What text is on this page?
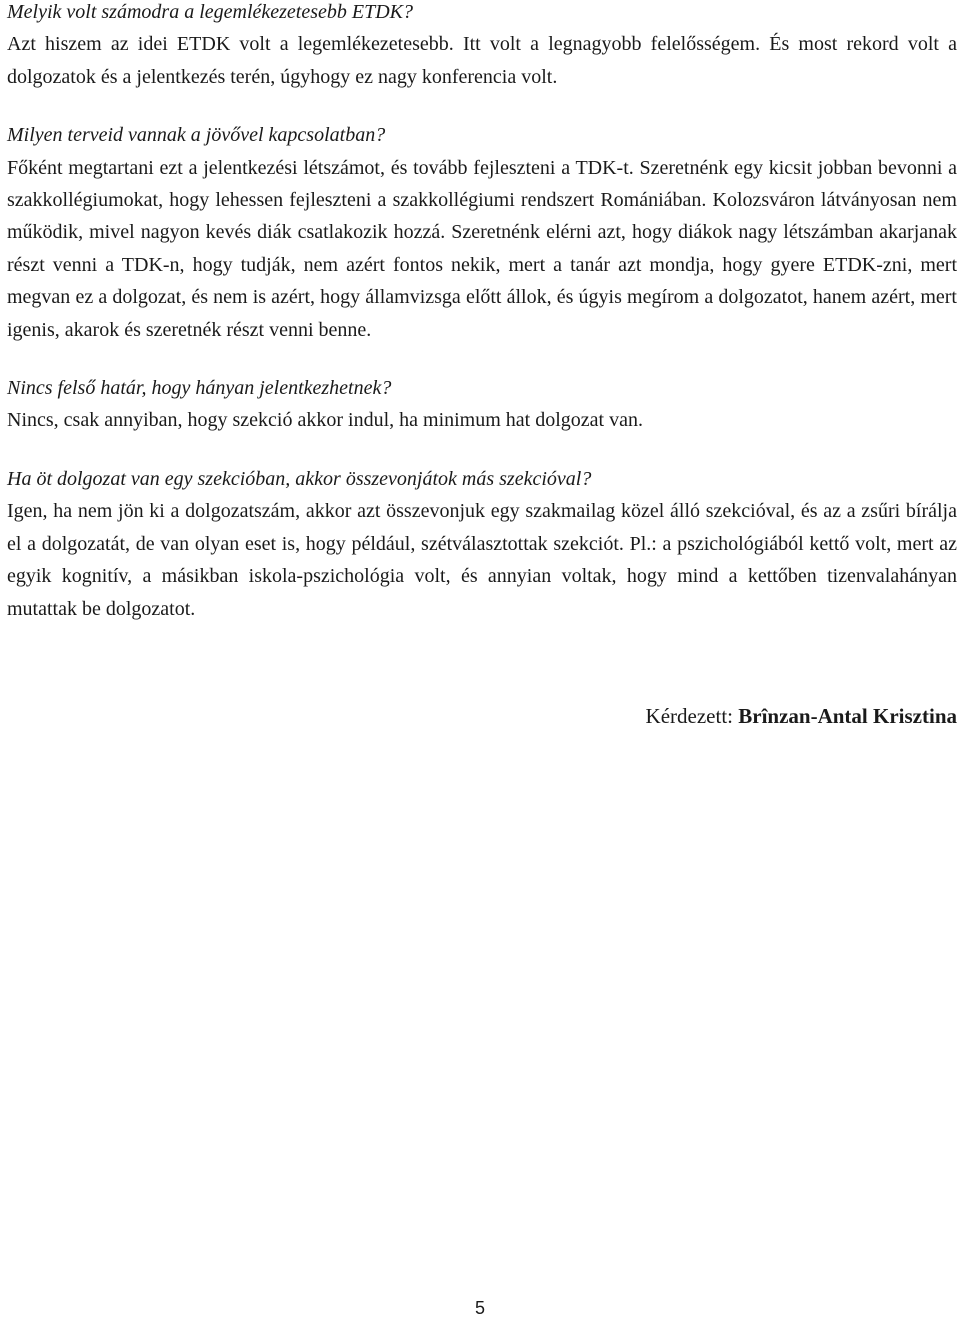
Melyik volt számodra a legemlékezetesebb ETDK?

Azt hiszem az idei ETDK volt a legemlékezetesebb. Itt volt a legnagyobb felelősségem. És most rekord volt a dolgozatok és a jelentkezés terén, úgyhogy ez nagy konferencia volt.

Milyen terveid vannak a jövővel kapcsolatban?

Főként megtartani ezt a jelentkezési létszámot, és tovább fejleszteni a TDK-t. Szeretnénk egy kicsit jobban bevonni a szakkollégiumokat, hogy lehessen fejleszteni a szakkollégiumi rendszert Romániában. Kolozsváron látványosan nem működik, mivel nagyon kevés diák csatlakozik hozzá. Szeretnénk elérni azt, hogy diákok nagy létszámban akarjanak részt venni a TDK-n, hogy tudják, nem azért fontos nekik, mert a tanár azt mondja, hogy gyere ETDK-zni, mert megvan ez a dolgozat, és nem is azért, hogy államvizsga előtt állok, és úgyis megírom a dolgozatot, hanem azért, mert igenis, akarok és szeretnék részt venni benne.

Nincs felső határ, hogy hányan jelentkezhetnek?

Nincs, csak annyiban, hogy szekció akkor indul, ha minimum hat dolgozat van.

Ha öt dolgozat van egy szekcióban, akkor összevonjátok más szekcióval?

Igen, ha nem jön ki a dolgozatszám, akkor azt összevonjuk egy szakmailag közel álló szekcióval, és az a zsűri bírálja el a dolgozatát, de van olyan eset is, hogy például, szétválasztottak szekciót. Pl.: a pszichológiából kettő volt, mert az egyik kognitív, a másikban iskola-pszichológia volt, és annyian voltak, hogy mind a kettőben tizenvalahányan mutattak be dolgozatot.

Kérdezett: Brînzan-Antal Krisztina
5
